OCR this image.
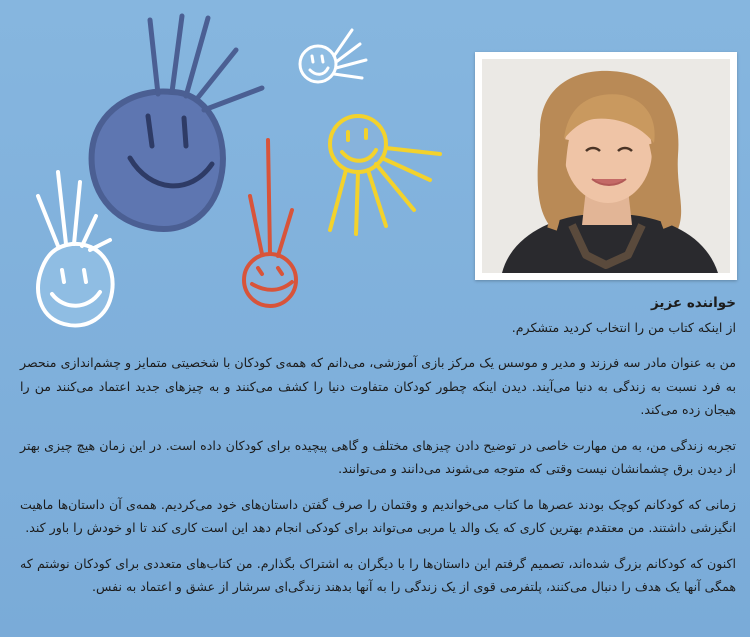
خواننده عزیز

از اینکه کتاب من را انتخاب کردید متشکرم.

من به عنوان مادر سه فرزند و مدیر و موسس یک مرکز بازی آموزشی، می‌دانم که همه‌ی کودکان با شخصیتی متمایز و چشم‌اندازی منحصر به فرد نسبت به زندگی به دنیا می‌آیند. دیدن اینکه چطور کودکان متفاوت دنیا را کشف می‌کنند و به چیزهای جدید اعتماد می‌کنند من را هیجان زده می‌کند.

تجربه زندگی من، به من مهارت خاصی در توضیح دادن چیزهای مختلف و گاهی پیچیده برای کودکان داده است. در این زمان هیچ چیزی بهتر از دیدن برق چشمانشان نیست وقتی که متوجه می‌شوند می‌دانند و می‌توانند.

زمانی که کودکانم کوچک بودند عصرها ما کتاب می‌خواندیم و وقتمان را صرف گفتن داستان‌های خود می‌کردیم. همه‌ی آن داستان‌ها ماهیت انگیزشی داشتند. من معتقدم بهترین کاری که یک والد یا مربی می‌تواند برای کودکی انجام دهد این است کاری کند تا او خودش را باور کند.

اکنون که کودکانم بزرگ شده‌اند، تصمیم گرفتم این داستان‌ها را با دیگران به اشتراک بگذارم. من کتاب‌های متعددی برای کودکان نوشتم که همگی آنها یک هدف را دنبال می‌کنند، پلتفرمی قوی از یک زندگی را به آنها بدهند زندگی‌ای سرشار از عشق و اعتماد به نفس.
